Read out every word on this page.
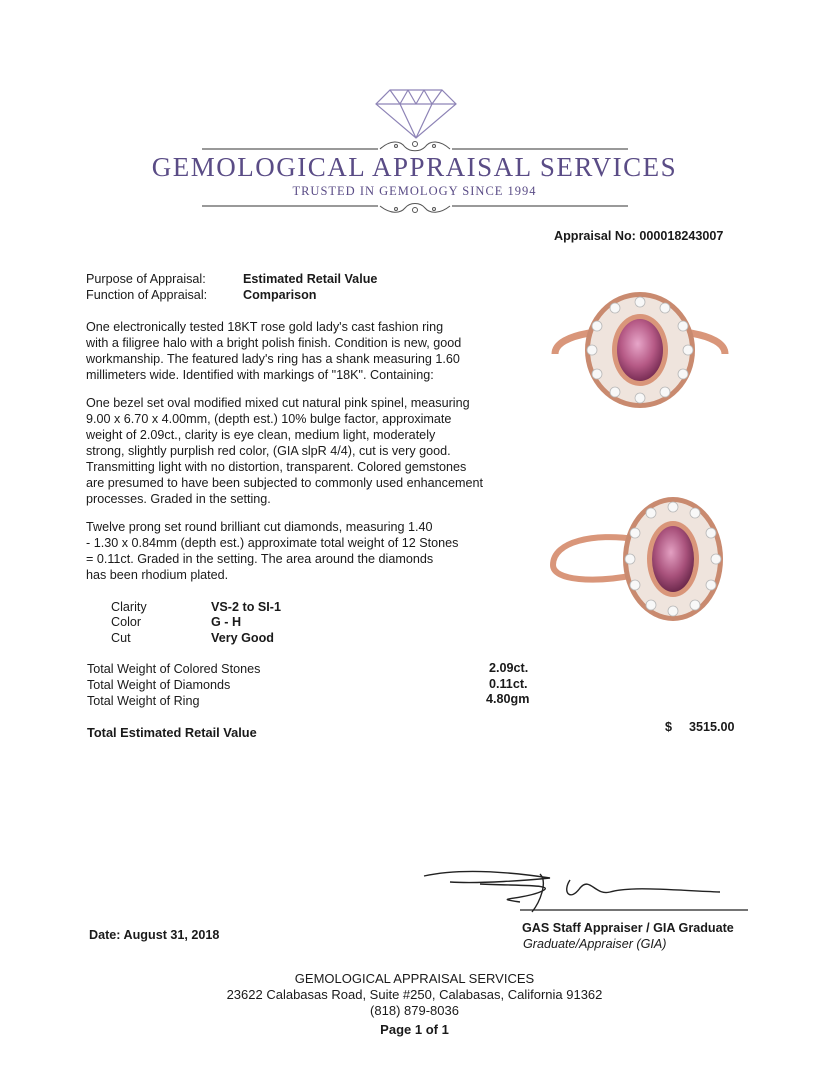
GEMOLOGICAL APPRAISAL SERVICES
TRUSTED IN GEMOLOGY SINCE 1994
Appraisal No: 000018243007
Purpose of Appraisal:	Estimated Retail Value
Function of Appraisal:	Comparison
One electronically tested 18KT rose gold lady's cast fashion ring
with a filigree halo with a bright polish finish. Condition is new, good
workmanship. The featured lady's ring has a shank measuring 1.60
millimeters wide. Identified with markings of "18K". Containing:
One bezel set oval modified mixed cut natural pink spinel, measuring
9.00 x 6.70 x 4.00mm, (depth est.) 10% bulge factor, approximate
weight of 2.09ct., clarity is eye clean, medium light, moderately
strong, slightly purplish red color, (GIA slpR 4/4), cut is very good.
Transmitting light with no distortion, transparent. Colored gemstones
are presumed to have been subjected to commonly used enhancement
processes. Graded in the setting.
Twelve prong set round brilliant cut diamonds, measuring 1.40
- 1.30 x 0.84mm (depth est.) approximate total weight of 12 Stones
= 0.11ct. Graded in the setting. The area around the diamonds
has been rhodium plated.
Clarity	VS-2 to SI-1
Color	G - H
Cut	Very Good
Total Weight of Colored Stones	2.09ct.
Total Weight of Diamonds	0.11ct.
Total Weight of Ring	4.80gm
Total Estimated Retail Value	$ 3515.00
Date: August 31, 2018	GAS Staff Appraiser / GIA Graduate
Graduate/Appraiser (GIA)
GEMOLOGICAL APPRAISAL SERVICES
23622 Calabasas Road, Suite #250, Calabasas, California 91362
(818) 879-8036
Page 1 of 1
